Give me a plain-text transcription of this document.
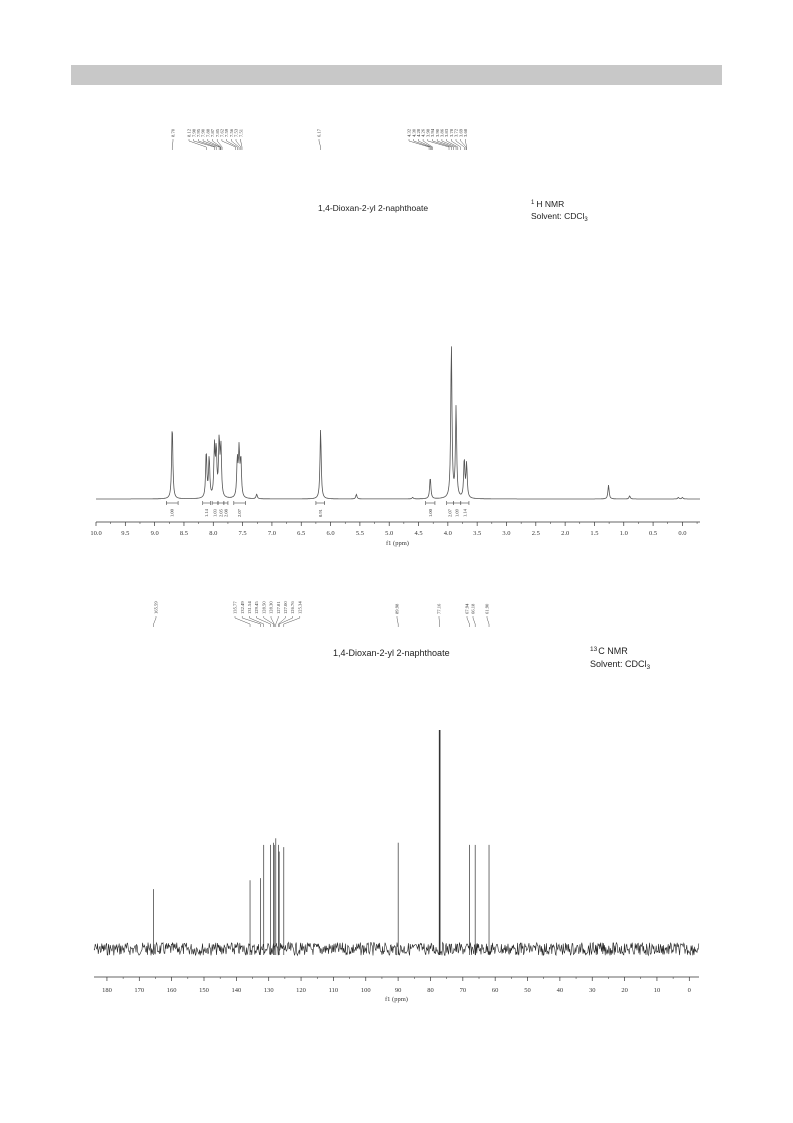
8.70 8.12 7.98 7.95 7.90 7.88 7.87 7.85 7.62 7.59 7.56 7.53 7.51	6.17	4.32 4.30 4.28 4.26 3.98 3.94 3.90 3.86 3.83 3.78 3.72 3.69 3.68
1,4-Dioxan-2-yl 2-naphthoate	$^1$ H NMR
Solvent: CDCl$_3$
1.00	1.14 1.03 2.05 2.08 2.07	0.91	1.00	2.07 1.09 1.14
10.0	9.5	9.0	8.5	8.0	7.5	7.0	6.5	6.0	5.5	5.0	4.5	4.0	3.5	3.0	2.5	2.0	1.5	1.0	0.5	0.0
f1 (ppm)
165.59	135.77 132.49 131.54 129.45 128.50 128.30 127.81 127.00 126.76 125.34	89.98	77.16	67.94 66.18 61.90
1,4-Dioxan-2-yl 2-naphthoate	$^{13}$C NMR
Solvent: CDCl$_3$
180	170	160	150	140	130	120	110	100	90	80	70	60	50	40	30	20	10	0
f1 (ppm)
